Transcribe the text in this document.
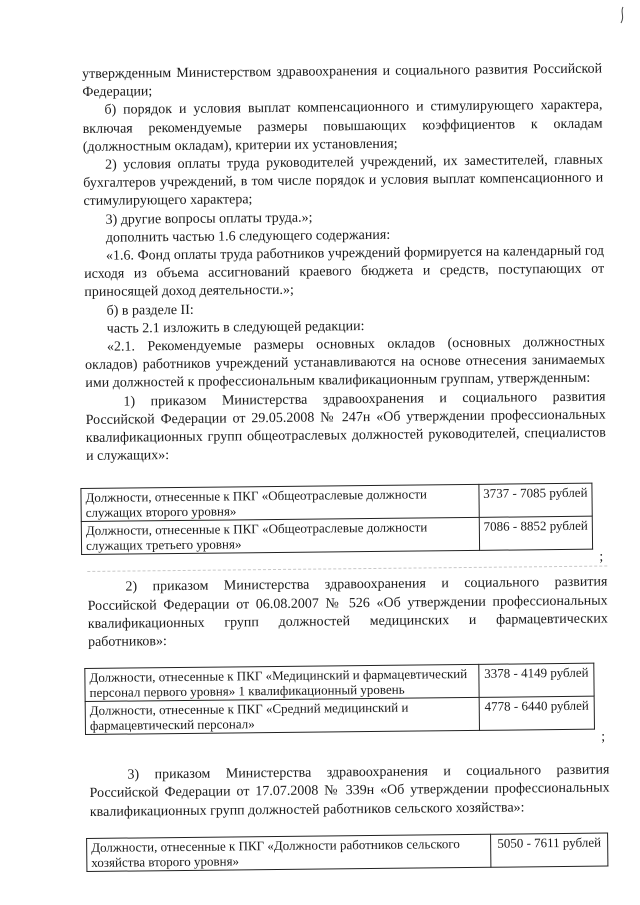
утвержденным Министерством здравоохранения и социального развития Российской Федерации;

б) порядок и условия выплат компенсационного и стимулирующего характера, включая рекомендуемые размеры повышающих коэффициентов к окладам (должностным окладам), критерии их установления;

2) условия оплаты труда руководителей учреждений, их заместителей, главных бухгалтеров учреждений, в том числе порядок и условия выплат компенсационного и стимулирующего характера;

3) другие вопросы оплаты труда.»;

дополнить частью 1.6 следующего содержания:

«1.6. Фонд оплаты труда работников учреждений формируется на календарный год исходя из объема ассигнований краевого бюджета и средств, поступающих от приносящей доход деятельности.»;

б) в разделе II:

часть 2.1 изложить в следующей редакции:

«2.1. Рекомендуемые размеры основных окладов (основных должностных окладов) работников учреждений устанавливаются на основе отнесения занимаемых ими должностей к профессиональным квалификационным группам, утвержденным:

1) приказом Министерства здравоохранения и социального развития Российской Федерации от 29.05.2008 № 247н «Об утверждении профессиональных квалификационных групп общеотраслевых должностей руководителей, специалистов и служащих»:

Должности, отнесенные к ПКГ «Общеотраслевые должности служащих второго уровня»	3737 - 7085 рублей
Должности, отнесенные к ПКГ «Общеотраслевые должности служащих третьего уровня»	7086 - 8852 рублей
;

2) приказом Министерства здравоохранения и социального развития Российской Федерации от 06.08.2007 № 526 «Об утверждении профессиональных квалификационных групп должностей медицинских и фармацевтических работников»:

Должности, отнесенные к ПКГ «Медицинский и фармацевтический персонал первого уровня» 1 квалификационный уровень	3378 - 4149 рублей
Должности, отнесенные к ПКГ «Средний медицинский и фармацевтический персонал»	4778 - 6440 рублей
;

3) приказом Министерства здравоохранения и социального развития Российской Федерации от 17.07.2008 № 339н «Об утверждении профессиональных квалификационных групп должностей работников сельского хозяйства»:

Должности, отнесенные к ПКГ «Должности работников сельского хозяйства второго уровня»	5050 - 7611 рублей
